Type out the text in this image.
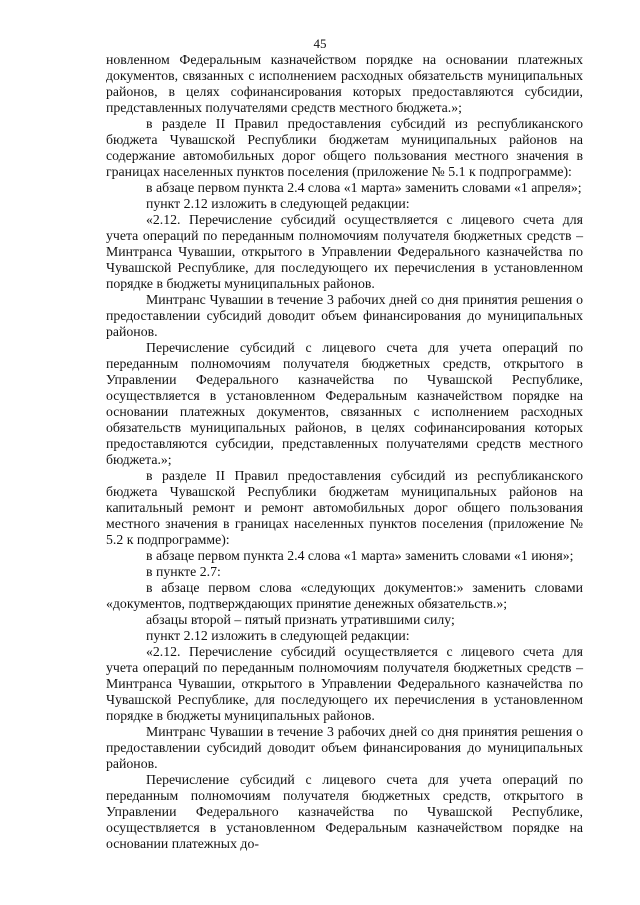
45

новленном Федеральным казначейством порядке на основании платежных документов, связанных с исполнением расходных обязательств муниципальных районов, в целях софинансирования которых предоставляются субсидии, представленных получателями средств местного бюджета.»;

в разделе II Правил предоставления субсидий из республиканского бюджета Чувашской Республики бюджетам муниципальных районов на содержание автомобильных дорог общего пользования местного значения в границах населенных пунктов поселения (приложение № 5.1 к подпрограмме):

в абзаце первом пункта 2.4 слова «1 марта» заменить словами «1 апреля»;

пункт 2.12 изложить в следующей редакции:

«2.12. Перечисление субсидий осуществляется с лицевого счета для учета операций по переданным полномочиям получателя бюджетных средств – Минтранса Чувашии, открытого в Управлении Федерального казначейства по Чувашской Республике, для последующего их перечисления в установленном порядке в бюджеты муниципальных районов.

Минтранс Чувашии в течение 3 рабочих дней со дня принятия решения о предоставлении субсидий доводит объем финансирования до муниципальных районов.

Перечисление субсидий с лицевого счета для учета операций по переданным полномочиям получателя бюджетных средств, открытого в Управлении Федерального казначейства по Чувашской Республике, осуществляется в установленном Федеральным казначейством порядке на основании платежных документов, связанных с исполнением расходных обязательств муниципальных районов, в целях софинансирования которых предоставляются субсидии, представленных получателями средств местного бюджета.»;

в разделе II Правил предоставления субсидий из республиканского бюджета Чувашской Республики бюджетам муниципальных районов на капитальный ремонт и ремонт автомобильных дорог общего пользования местного значения в границах населенных пунктов поселения (приложение № 5.2 к подпрограмме):

в абзаце первом пункта 2.4 слова «1 марта» заменить словами «1 июня»;

в пункте 2.7:

в абзаце первом слова «следующих документов:» заменить словами «документов, подтверждающих принятие денежных обязательств.»;

абзацы второй – пятый признать утратившими силу;

пункт 2.12 изложить в следующей редакции:

«2.12. Перечисление субсидий осуществляется с лицевого счета для учета операций по переданным полномочиям получателя бюджетных средств – Минтранса Чувашии, открытого в Управлении Федерального казначейства по Чувашской Республике, для последующего их перечисления в установленном порядке в бюджеты муниципальных районов.

Минтранс Чувашии в течение 3 рабочих дней со дня принятия решения о предоставлении субсидий доводит объем финансирования до муниципальных районов.

Перечисление субсидий с лицевого счета для учета операций по переданным полномочиям получателя бюджетных средств, открытого в Управлении Федерального казначейства по Чувашской Республике, осуществляется в установленном Федеральным казначейством порядке на основании платежных до-
